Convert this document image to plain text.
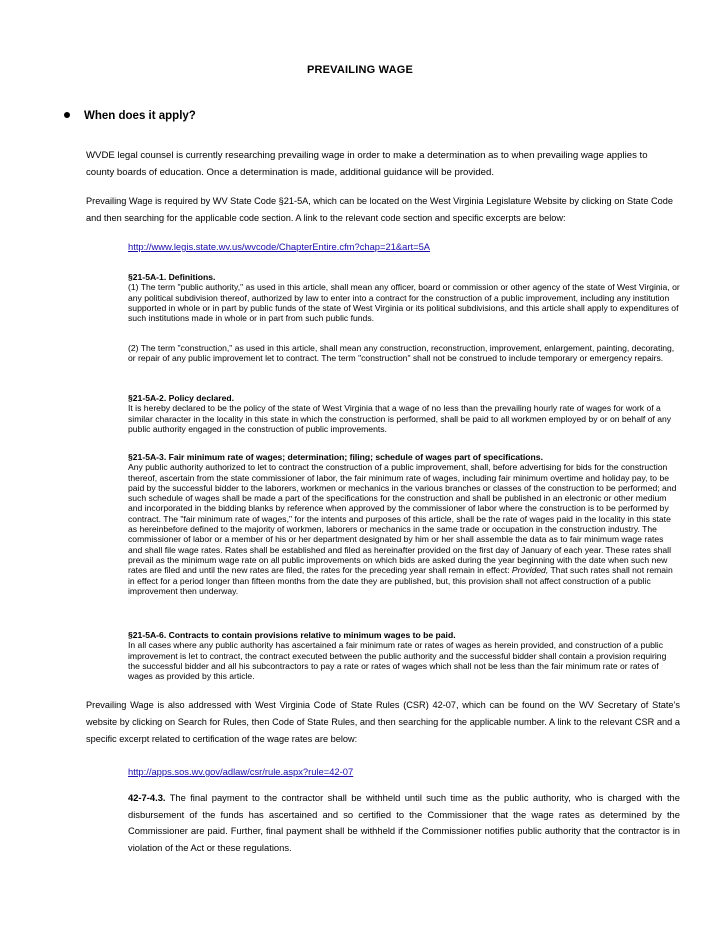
PREVAILING WAGE
When does it apply?
WVDE legal counsel is currently researching prevailing wage in order to make a determination as to when prevailing wage applies to county boards of education. Once a determination is made, additional guidance will be provided.
Prevailing Wage is required by WV State Code §21-5A, which can be located on the West Virginia Legislature Website by clicking on State Code and then searching for the applicable code section. A link to the relevant code section and specific excerpts are below:
http://www.legis.state.wv.us/wvcode/ChapterEntire.cfm?chap=21&art=5A
§21-5A-1. Definitions.
(1) The term "public authority," as used in this article, shall mean any officer, board or commission or other agency of the state of West Virginia, or any political subdivision thereof, authorized by law to enter into a contract for the construction of a public improvement, including any institution supported in whole or in part by public funds of the state of West Virginia or its political subdivisions, and this article shall apply to expenditures of such institutions made in whole or in part from such public funds.
(2) The term "construction," as used in this article, shall mean any construction, reconstruction, improvement, enlargement, painting, decorating, or repair of any public improvement let to contract. The term "construction" shall not be construed to include temporary or emergency repairs.
§21-5A-2. Policy declared.
It is hereby declared to be the policy of the state of West Virginia that a wage of no less than the prevailing hourly rate of wages for work of a similar character in the locality in this state in which the construction is performed, shall be paid to all workmen employed by or on behalf of any public authority engaged in the construction of public improvements.
§21-5A-3. Fair minimum rate of wages; determination; filing; schedule of wages part of specifications.
Any public authority authorized to let to contract the construction of a public improvement, shall, before advertising for bids for the construction thereof, ascertain from the state commissioner of labor, the fair minimum rate of wages, including fair minimum overtime and holiday pay, to be paid by the successful bidder to the laborers, workmen or mechanics in the various branches or classes of the construction to be performed; and such schedule of wages shall be made a part of the specifications for the construction and shall be published in an electronic or other medium and incorporated in the bidding blanks by reference when approved by the commissioner of labor where the construction is to be performed by contract. The "fair minimum rate of wages," for the intents and purposes of this article, shall be the rate of wages paid in the locality in this state as hereinbefore defined to the majority of workmen, laborers or mechanics in the same trade or occupation in the construction industry. The commissioner of labor or a member of his or her department designated by him or her shall assemble the data as to fair minimum wage rates and shall file wage rates. Rates shall be established and filed as hereinafter provided on the first day of January of each year. These rates shall prevail as the minimum wage rate on all public improvements on which bids are asked during the year beginning with the date when such new rates are filed and until the new rates are filed, the rates for the preceding year shall remain in effect: Provided, That such rates shall not remain in effect for a period longer than fifteen months from the date they are published, but, this provision shall not affect construction of a public improvement then underway.
§21-5A-6. Contracts to contain provisions relative to minimum wages to be paid.
In all cases where any public authority has ascertained a fair minimum rate or rates of wages as herein provided, and construction of a public improvement is let to contract, the contract executed between the public authority and the successful bidder shall contain a provision requiring the successful bidder and all his subcontractors to pay a rate or rates of wages which shall not be less than the fair minimum rate or rates of wages as provided by this article.
Prevailing Wage is also addressed with West Virginia Code of State Rules (CSR) 42-07, which can be found on the WV Secretary of State’s website by clicking on Search for Rules, then Code of State Rules, and then searching for the applicable number. A link to the relevant CSR and a specific excerpt related to certification of the wage rates are below:
http://apps.sos.wv.gov/adlaw/csr/rule.aspx?rule=42-07
42-7-4.3. The final payment to the contractor shall be withheld until such time as the public authority, who is charged with the disbursement of the funds has ascertained and so certified to the Commissioner that the wage rates as determined by the Commissioner are paid. Further, final payment shall be withheld if the Commissioner notifies public authority that the contractor is in violation of the Act or these regulations.
